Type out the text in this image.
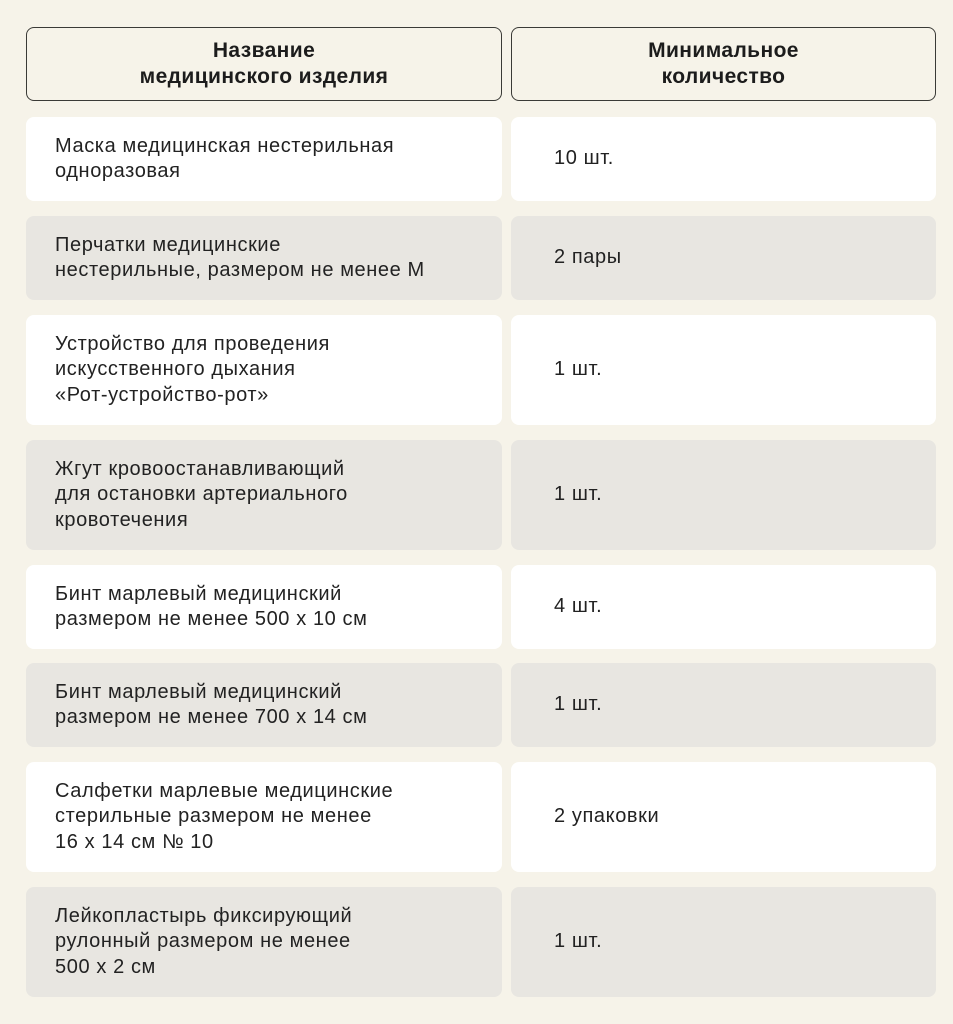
Название
медицинского изделия
Минимальное
количество
Маска медицинская нестерильная
одноразовая
10 шт.
Перчатки медицинские
нестерильные, размером не менее M
2 пары
Устройство для проведения
искусственного дыхания
«Рот-устройство-рот»
1 шт.
Жгут кровоостанавливающий
для остановки артериального
кровотечения
1 шт.
Бинт марлевый медицинский
размером не менее 500 х 10 см
4 шт.
Бинт марлевый медицинский
размером не менее 700 х 14 см
1 шт.
Салфетки марлевые медицинские
стерильные размером не менее
16 х 14 см № 10
2 упаковки
Лейкопластырь фиксирующий
рулонный размером не менее
500 х 2 см
1 шт.
